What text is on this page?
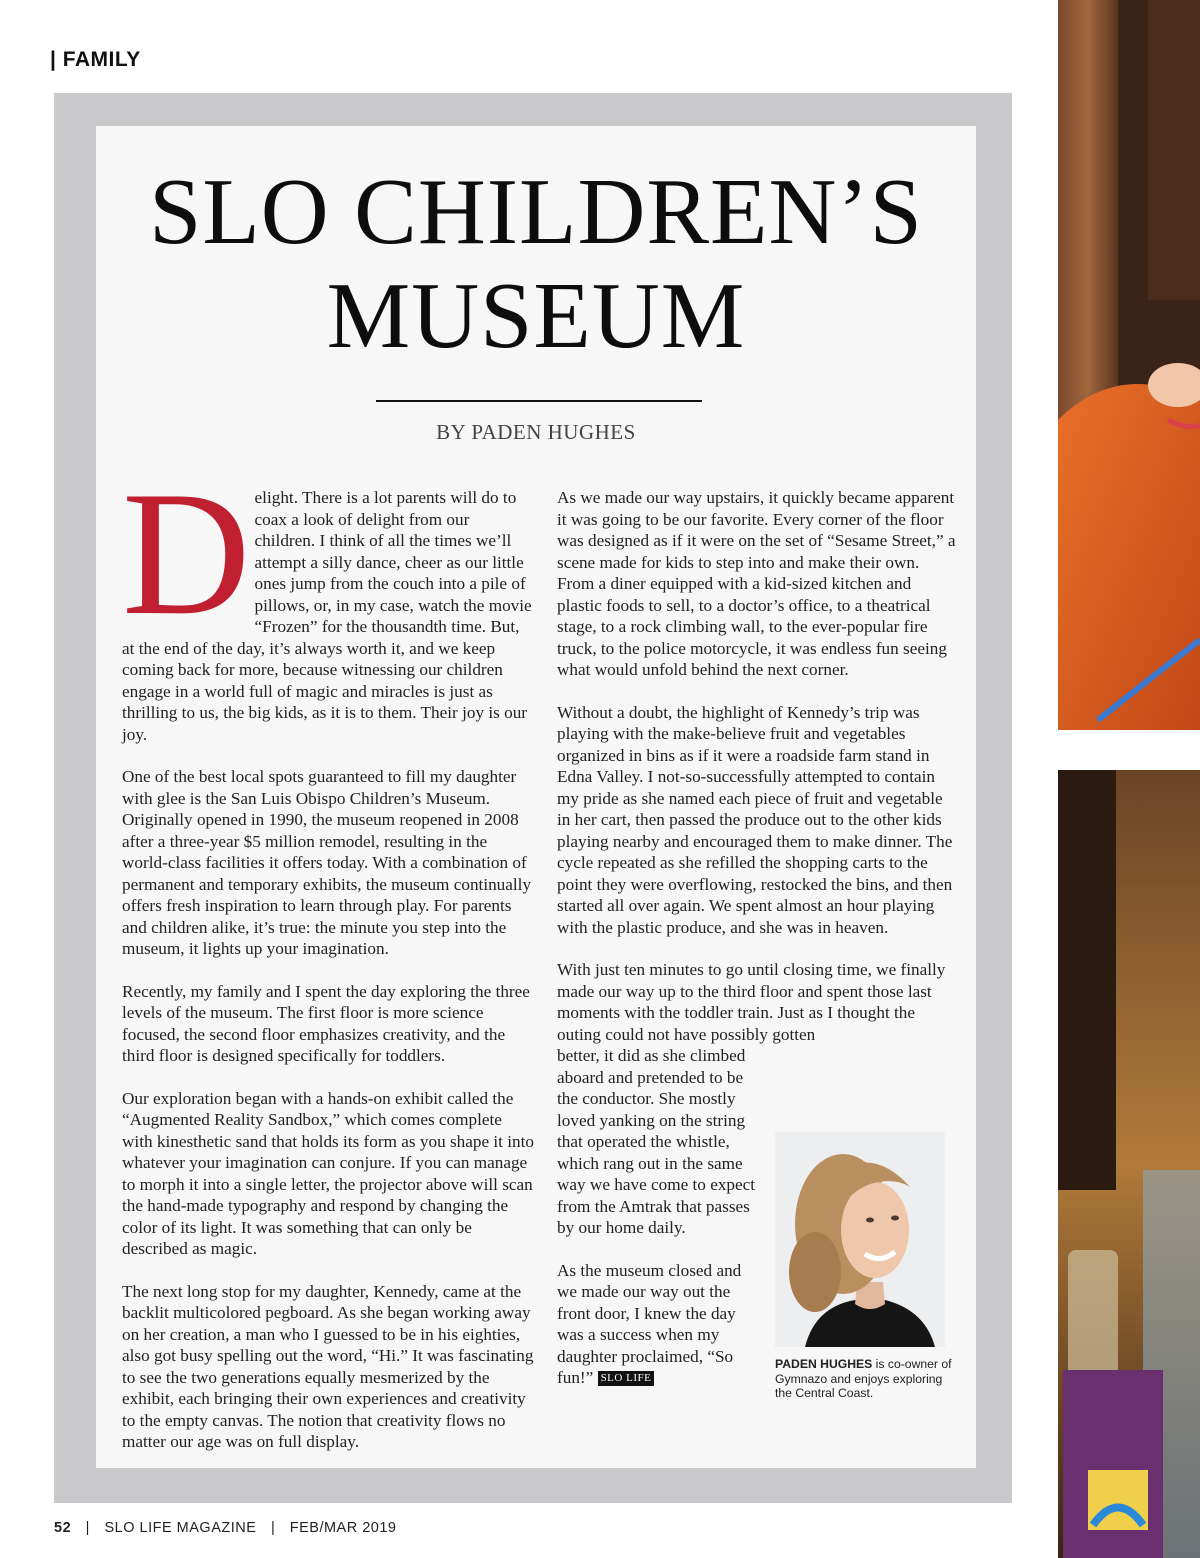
| FAMILY
SLO CHILDREN’S
MUSEUM
BY PADEN HUGHES

Delight. There is a lot parents will do to coax a look of delight from our children. I think of all the times we’ll attempt a silly dance, cheer as our little ones jump from the couch into a pile of pillows, or, in my case, watch the movie “Frozen” for the thousandth time. But, at the end of the day, it’s always worth it, and we keep coming back for more, because witnessing our children engage in a world full of magic and miracles is just as thrilling to us, the big kids, as it is to them. Their joy is our joy.

One of the best local spots guaranteed to fill my daughter with glee is the San Luis Obispo Children’s Museum. Originally opened in 1990, the museum reopened in 2008 after a three-year $5 million remodel, resulting in the world-class facilities it offers today. With a combination of permanent and temporary exhibits, the museum continually offers fresh inspiration to learn through play. For parents and children alike, it’s true: the minute you step into the museum, it lights up your imagination.

Recently, my family and I spent the day exploring the three levels of the museum. The first floor is more science focused, the second floor emphasizes creativity, and the third floor is designed specifically for toddlers.

Our exploration began with a hands-on exhibit called the “Augmented Reality Sandbox,” which comes complete with kinesthetic sand that holds its form as you shape it into whatever your imagination can conjure. If you can manage to morph it into a single letter, the projector above will scan the hand-made typography and respond by changing the color of its light. It was something that can only be described as magic.

The next long stop for my daughter, Kennedy, came at the backlit multicolored pegboard. As she began working away on her creation, a man who I guessed to be in his eighties, also got busy spelling out the word, “Hi.” It was fascinating to see the two generations equally mesmerized by the exhibit, each bringing their own experiences and creativity to the empty canvas. The notion that creativity flows no matter our age was on full display.

As we made our way upstairs, it quickly became apparent it was going to be our favorite. Every corner of the floor was designed as if it were on the set of “Sesame Street,” a scene made for kids to step into and make their own. From a diner equipped with a kid-sized kitchen and plastic foods to sell, to a doctor’s office, to a theatrical stage, to a rock climbing wall, to the ever-popular fire truck, to the police motorcycle, it was endless fun seeing what would unfold behind the next corner.

Without a doubt, the highlight of Kennedy’s trip was playing with the make-believe fruit and vegetables organized in bins as if it were a roadside farm stand in Edna Valley. I not-so-successfully attempted to contain my pride as she named each piece of fruit and vegetable in her cart, then passed the produce out to the other kids playing nearby and encouraged them to make dinner. The cycle repeated as she refilled the shopping carts to the point they were overflowing, restocked the bins, and then started all over again. We spent almost an hour playing with the plastic produce, and she was in heaven.

With just ten minutes to go until closing time, we finally made our way up to the third floor and spent those last moments with the toddler train. Just as I thought the outing could not have possibly gotten

better, it did as she climbed aboard and pretended to be the conductor. She mostly loved yanking on the string that operated the whistle, which rang out in the same way we have come to expect from the Amtrak that passes by our home daily.

As the museum closed and we made our way out the front door, I knew the day was a success when my daughter proclaimed, “So fun!” SLO LIFE

PADEN HUGHES is co-owner of Gymnazo and enjoys exploring the Central Coast.
52 | SLO LIFE MAGAZINE | FEB/MAR 2019
